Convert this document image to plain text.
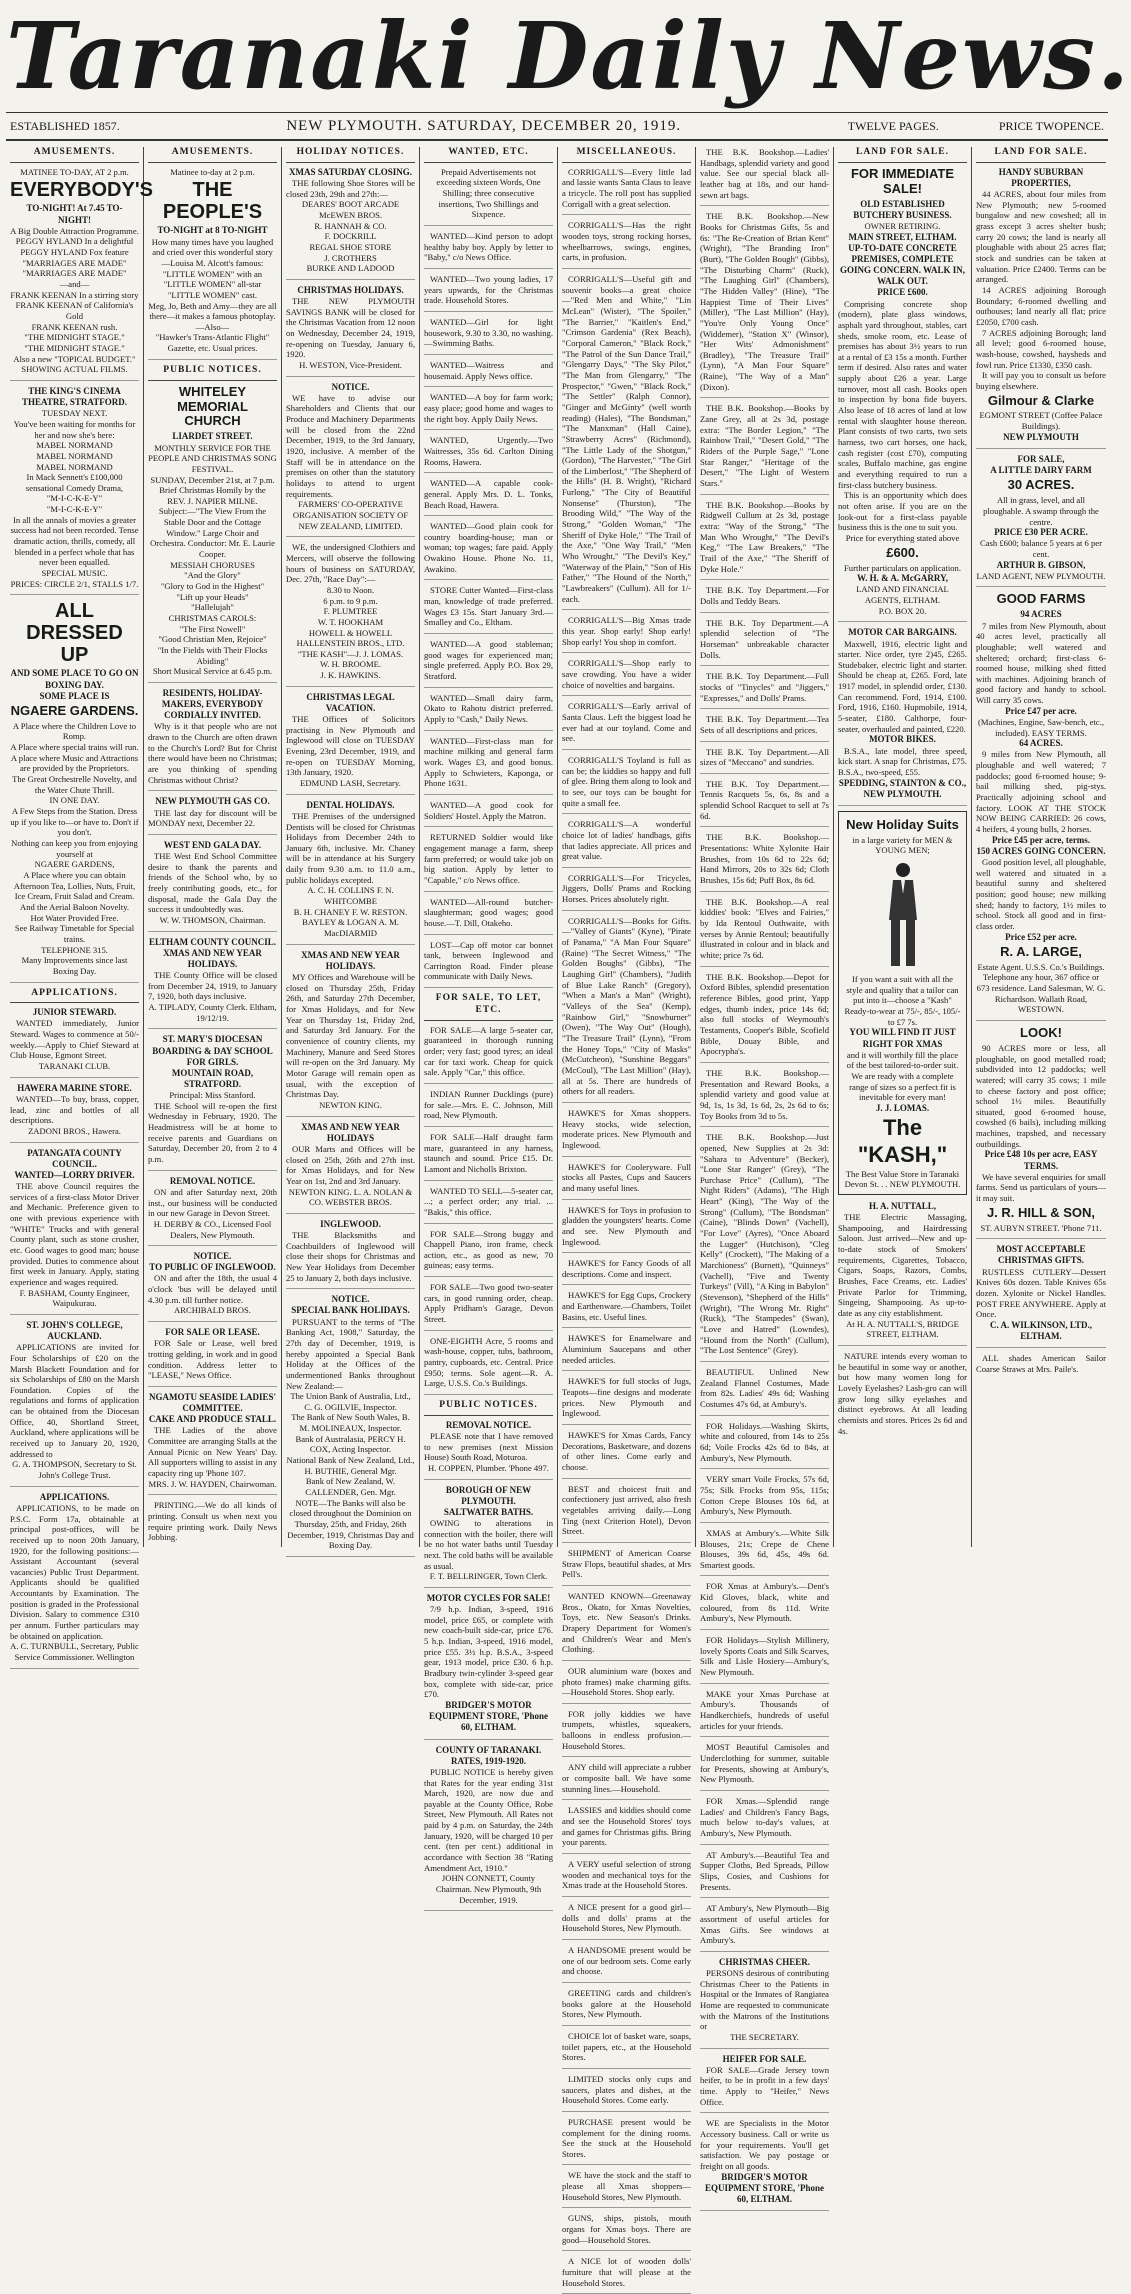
Taranaki Daily News.
ESTABLISHED 1857.	NEW PLYMOUTH. SATURDAY, DECEMBER 20, 1919.	TWELVE PAGES.	PRICE TWOPENCE.
AMUSEMENTS.
MATINEE TO-DAY, AT 2 p.m.
EVERYBODY'S
TO-NIGHT! At 7.45 TO-NIGHT!
A Big Double Attraction Programme.
PEGGY HYLAND In a delightful
PEGGY HYLAND Fox feature
"MARRIAGES ARE MADE"
"MARRIAGES ARE MADE"
—and—
FRANK KEENAN In a stirring story
FRANK KEENAN of California's Gold
FRANK KEENAN rush.
"THE MIDNIGHT STAGE."
"THE MIDNIGHT STAGE."
Also a new "TOPICAL BUDGET."
SHOWING ACTUAL FILMS.
THE KING'S CINEMA THEATRE, STRATFORD.
TUESDAY NEXT.
You've been waiting for months for her and now she's here:
MABEL NORMAND
MABEL NORMAND
MABEL NORMAND
In Mack Sennett's £100,000 sensational Comedy Drama,
"M-I-C-K-E-Y"
"M-I-C-K-E-Y"
In all the annals of movies a greater success had not been recorded. Tense dramatic action, thrills, comedy, all blended in a perfect whole that has never been equalled.
SPECIAL MUSIC.
PRICES: CIRCLE 2/1, STALLS 1/7.
ALL DRESSED UP
AND SOME PLACE TO GO ON BOXING DAY.
SOME PLACE IS
NGAERE GARDENS.
A Place where the Children Love to Romp.
A Place where special trains will run.
A place where Music and Attractions are provided by the Proprietors.
The Great Orchestrelle Novelty, and the Water Chute Thrill.
IN ONE DAY.
A Few Steps from the Station. Dress up if you like to—or have to. Don't if you don't.
Nothing can keep you from enjoying yourself at
NGAERE GARDENS,
A Place where you can obtain Afternoon Tea, Lollies, Nuts, Fruit, Ice Cream, Fruit Salad and Cream.
And the Aerial Baloon Novelty.
Hot Water Provided Free.
See Railway Timetable for Special trains.
TELEPHONE 315.
Many Improvements since last Boxing Day.
APPLICATIONS.
JUNIOR STEWARD.
WANTED immediately, Junior Steward. Wages to commence at 50/- weekly.—Apply to Chief Steward at Club House, Egmont Street.
TARANAKI CLUB.
HAWERA MARINE STORE.
WANTED—To buy, brass, copper, lead, zinc and bottles of all descriptions.
ZADONI BROS., Hawera.
PATANGATA COUNTY COUNCIL.
WANTED—LORRY DRIVER.
THE above Council requires the services of a first-class Motor Driver and Mechanic. Preference given to one with previous experience with "WHITE" Trucks and with general County plant, such as stone crusher, etc. Good wages to good man; house provided. Duties to commence about first week in January. Apply, stating experience and wages required.
F. BASHAM, County Engineer, Waipukurau.
ST. JOHN'S COLLEGE, AUCKLAND.
APPLICATIONS are invited for Four Scholarships of £20 on the Marsh Blackett Foundation and for six Scholarships of £80 on the Marsh Foundation. Copies of the regulations and forms of application can be obtained from the Diocesan Office, 40, Shortland Street, Auckland, where applications will be received up to January 20, 1920, addressed to
G. A. THOMPSON, Secretary to St. John's College Trust.
APPLICATIONS.
APPLICATIONS, to be made on P.S.C. Form 17a, obtainable at principal post-offices, will be received up to noon 20th January, 1920, for the following positions:— Assistant Accountant (several vacancies) Public Trust Department. Applicants should be qualified Accountants by Examination. The position is graded in the Professional Division. Salary to commence £310 per annum. Further particulars may be obtained on application.
A. C. TURNBULL, Secretary, Public Service Commissioner. Wellington
AMUSEMENTS.
Matinee to-day at 2 p.m.
THE PEOPLE'S
TO-NIGHT at 8 TO-NIGHT
How many times have you laughed and cried over this wonderful story—Louisa M. Alcott's famous:
"LITTLE WOMEN" with an
"LITTLE WOMEN" all-star
"LITTLE WOMEN" cast.
Meg, Jo, Beth and Amy—they are all there—it makes a famous photoplay.
—Also—
"Hawker's Trans-Atlantic Flight" Gazette, etc. Usual prices.
PUBLIC NOTICES.
WHITELEY MEMORIAL CHURCH
LIARDET STREET.
MONTHLY SERVICE FOR THE PEOPLE AND CHRISTMAS SONG FESTIVAL.
SUNDAY, December 21st, at 7 p.m.
Brief Christmas Homily by the
REV. J. NAPIER MILNE.
Subject:—"The View From the Stable Door and the Cottage Window." Large Choir and Orchestra. Conductor: Mr. E. Laurie Cooper.
MESSIAH CHORUSES
"And the Glory"
"Glory to God in the Highest"
"Lift up your Heads"
"Hallelujah"
CHRISTMAS CAROLS:
"The First Nowell"
"Good Christian Men, Rejoice"
"In the Fields with Their Flocks Abiding"
Short Musical Service at 6.45 p.m.
RESIDENTS, HOLIDAY-MAKERS, EVERYBODY CORDIALLY INVITED.
Why is it that people who are not drawn to the Church are often drawn to the Church's Lord? But for Christ there would have been no Christmas; are you thinking of spending Christmas without Christ?
NEW PLYMOUTH GAS CO.
THE last day for discount will be MONDAY next, December 22.
WEST END GALA DAY.
THE West End School Committee desire to thank the parents and friends of the School who, by so freely contributing goods, etc., for disposal, made the Gala Day the success it undoubtedly was.
W. W. THOMSON, Chairman.
ELTHAM COUNTY COUNCIL.
XMAS AND NEW YEAR HOLIDAYS.
THE County Office will be closed from December 24, 1919, to January 7, 1920, both days inclusive.
A. TIPLADY, County Clerk. Eltham, 19/12/19.
ST. MARY'S DIOCESAN BOARDING & DAY SCHOOL FOR GIRLS.
MOUNTAIN ROAD, STRATFORD.
Principal: Miss Stanford.
THE School will re-open the first Wednesday in February, 1920. The Headmistress will be at home to receive parents and Guardians on Saturday, December 20, from 2 to 4 p.m.
REMOVAL NOTICE.
ON and after Saturday next, 20th inst., our business will be conducted in our new Garage in Devon Street.
H. DERBY & CO., Licensed Fool Dealers, New Plymouth.
NOTICE.
TO PUBLIC OF INGLEWOOD.
ON and after the 18th, the usual 4 o'clock 'bus will be delayed until 4.30 p.m. till further notice.
ARCHIBALD BROS.
FOR SALE OR LEASE.
FOR Sale or Lease, well bred trotting gelding, in work and in good condition. Address letter to "LEASE," News Office.
NGAMOTU SEASIDE LADIES' COMMITTEE.
CAKE AND PRODUCE STALL.
THE Ladies of the above Committee are arranging Stalls at the Annual Picnic on New Years' Day. All supporters willing to assist in any capacity ring up 'Phone 107.
MRS. J. W. HAYDEN, Chairwoman.
PRINTING.—We do all kinds of printing. Consult us when next you require printing work. Daily News Jobbing.
HOLIDAY NOTICES.
XMAS SATURDAY CLOSING.
THE following Shoe Stores will be closed 23th, 29th and 27th:—
DEARES' BOOT ARCADE
McEWEN BROS.
R. HANNAH & CO.
F. DOCKRILL
REGAL SHOE STORE
J. CROTHERS
BURKE AND LADOOD
CHRISTMAS HOLIDAYS.
THE NEW PLYMOUTH SAVINGS BANK will be closed for the Christmas Vacation from 12 noon on Wednesday, December 24, 1919, re-opening on Tuesday, January 6, 1920.
H. WESTON, Vice-President.
NOTICE.
WE have to advise our Shareholders and Clients that our Produce and Machinery Departments will be closed from the 22nd December, 1919, to the 3rd January, 1920, inclusive. A member of the Staff will be in attendance on the premises on other than the statutory holidays to attend to urgent requirements.
FARMERS' CO-OPERATIVE ORGANISATION SOCIETY OF NEW ZEALAND, LIMITED.
WE, the undersigned Clothiers and Mercers, will observe the following hours of business on SATURDAY, Dec. 27th, "Race Day":—
8.30 to Noon.
6 p.m. to 9 p.m.
F. PLUMTREE
W. T. HOOKHAM
HOWELL & HOWELL
HALLENSTEIN BROS., LTD.
"THE KASH"—J. J. LOMAS.
W. H. BROOME.
J. K. HAWKINS.
CHRISTMAS LEGAL VACATION.
THE Offices of Solicitors practising in New Plymouth and Inglewood will close on TUESDAY Evening, 23rd December, 1919, and re-open on TUESDAY Morning, 13th January, 1920.
EDMUND LASH, Secretary.
DENTAL HOLIDAYS.
THE Premises of the undersigned Dentists will be closed for Christmas Holidays from December 24th to January 6th, inclusive. Mr. Chaney will be in attendance at his Surgery daily from 9.30 a.m. to 11.0 a.m., public holidays excepted.
A. C. H. COLLINS F. N. WHITCOMBE
B. H. CHANEY F. W. RESTON.
BAYLEY & LOGAN A. M. MacDIARMID
XMAS AND NEW YEAR HOLIDAYS.
MY Offices and Warehouse will be closed on Thursday 25th, Friday 26th, and Saturday 27th December, for Xmas Holidays, and for New Year on Thursday 1st, Friday 2nd, and Saturday 3rd January. For the convenience of country clients, my Machinery, Manure and Seed Stores will re-open on the 3rd January. My Motor Garage will remain open as usual, with the exception of Christmas Day.
NEWTON KING.
XMAS AND NEW YEAR HOLIDAYS
OUR Marts and Offices will be closed on 25th, 26th and 27th inst. for Xmas Holidays, and for New Year on 1st, 2nd and 3rd January.
NEWTON KING. L. A. NOLAN & CO. WEBSTER BROS.
INGLEWOOD.
THE Blacksmiths and Coachbuilders of Inglewood will close their shops for Christmas and New Year Holidays from December 25 to January 2, both days inclusive.
NOTICE.
SPECIAL BANK HOLIDAYS.
PURSUANT to the terms of "The Banking Act, 1908," Saturday, the 27th day of December, 1919, is hereby appointed a Special Bank Holiday at the Offices of the undermentioned Banks throughout New Zealand:—
The Union Bank of Australia, Ltd., C. G. OGILVIE, Inspector.
The Bank of New South Wales, B. M. MOLINEAUX, Inspector.
Bank of Australasia, PERCY H. COX, Acting Inspector.
National Bank of New Zealand, Ltd., H. BUTHIE, General Mgr.
Bank of New Zealand, W. CALLENDER, Gen. Mgr.
NOTE—The Banks will also be closed throughout the Dominion on Thursday, 25th, and Friday, 26th December, 1919, Christmas Day and Boxing Day.
WANTED, ETC.
Prepaid Advertisements not exceeding sixteen Words, One Shilling; three consecutive insertions, Two Shillings and Sixpence.
WANTED—Kind person to adopt healthy baby boy. Apply by letter to "Baby," c/o News Office.
WANTED—Two young ladies, 17 years upwards, for the Christmas trade. Household Stores.
WANTED—Girl for light housework, 9.30 to 3.30, no washing.—Swimming Baths.
WANTED—Waitress and housemaid. Apply News office.
WANTED—A boy for farm work; easy place; good home and wages to the right boy. Apply Daily News.
WANTED, Urgently.—Two Waitresses, 35s 6d. Carlton Dining Rooms, Hawera.
WANTED—A capable cook-general. Apply Mrs. D. L. Tonks, Beach Road, Hawera.
WANTED—Good plain cook for country boarding-house; man or woman; top wages; fare paid. Apply Owakino House. Phone No. 11, Awakino.
STORE Cutter Wanted—First-class man, knowledge of trade preferred. Wages £3 15s. Start January 3rd.—Smalley and Co., Eltham.
WANTED—A good stableman; good wages for experienced man; single preferred. Apply P.O. Box 29, Stratford.
WANTED—Small dairy farm, Okato to Rahotu district preferred. Apply to "Cash," Daily News.
WANTED—First-class man for machine milking and general farm work. Wages £3, and good bonus. Apply to Schwieters, Kaponga, or Phone 1631.
WANTED—A good cook for Soldiers' Hostel. Apply the Matron.
RETURNED Soldier would like engagement manage a farm, sheep farm preferred; or would take job on big station. Apply by letter to "Capable," c/o News office.
WANTED—All-round butcher-slaughterman; good wages; good house.—T. Dill, Otakeho.
LOST—Cap off motor car bonnet tank, between Inglewood and Carrington Road. Finder please communicate with Daily News.
FOR SALE, TO LET, ETC.
FOR SALE—A large 5-seater car, guaranteed in thorough running order; very fast; good tyres; an ideal car for taxi work. Cheap for quick sale. Apply "Car," this office.
INDIAN Runner Ducklings (pure) for sale.—Mrs. E. C. Johnson, Mill road, New Plymouth.
FOR SALE—Half draught farm mare, guaranteed in any harness, staunch and sound. Price £15. Dr. Lamont and Nicholls Brixton.
WANTED TO SELL—5-seater car, ...; a perfect order; any trial. ... "Bakis," this office.
FOR SALE—Strong buggy and Chappell Piano, iron frame, check action, etc., as good as new, 70 guineas; easy terms.
FOR SALE—Two good two-seater cars, in good running order, cheap. Apply Pridham's Garage, Devon Street.
ONE-EIGHTH Acre, 5 rooms and wash-house, copper, tubs, bathroom, pantry, cupboards, etc. Central. Price £950; terms. Sole agent—R. A. Large, U.S.S. Co.'s Buildings.
PUBLIC NOTICES.
REMOVAL NOTICE.
PLEASE note that I have removed to new premises (next Mission House) South Road, Moturoa.
H. COPPEN, Plumber. 'Phone 497.
BOROUGH OF NEW PLYMOUTH.
SALTWATER BATHS.
OWING to alterations in connection with the boiler, there will be no hot water baths until Tuesday next. The cold baths will be available as usual.
F. T. BELLRINGER, Town Clerk.
MOTOR CYCLES FOR SALE!
7/9 h.p. Indian, 3-speed, 1916 model, price £65, or complete with new coach-built side-car, price £76. 5 h.p. Indian, 3-speed, 1916 model, price £55. 3½ h.p. B.S.A., 3-speed gear, 1913 model, price £30. 6 h.p. Bradbury twin-cylinder 3-speed gear box, complete with side-car, price £70.
BRIDGER'S MOTOR EQUIPMENT STORE, 'Phone 60, ELTHAM.
COUNTY OF TARANAKI.
RATES, 1919-1920.
PUBLIC NOTICE is hereby given that Rates for the year ending 31st March, 1920, are now due and payable at the County Office, Robe Street, New Plymouth. All Rates not paid by 4 p.m. on Saturday, the 24th January, 1920, will be charged 10 per cent. (ten per cent.) additional in accordance with Section 38 "Rating Amendment Act, 1910."
JOHN CONNETT, County Chairman. New Plymouth, 9th December, 1919.
MISCELLANEOUS.
CORRIGALL'S—Every little lad and lassie wants Santa Claus to leave a tricycle. The roll post has supplied Corrigall with a great selection.
CORRIGALL'S—Has the right wooden toys, strong rocking horses, wheelbarrows, swings, engines, carts, in profusion.
CORRIGALL'S—Useful gift and souvenir books—a great choice—"Red Men and White," "Lin McLean" (Wister), "The Spoiler," "The Barrier," "Kaitlen's End," "Crimson Gardenia" (Rex Beach), "Corporal Cameron," "Black Rock," "The Patrol of the Sun Dance Trail," "Glengarry Days," "The Sky Pilot," "The Man from Glengarry," "The Prospector," "Gwen," "Black Rock," "The Settler" (Ralph Connor), "Ginger and McGinty" (well worth reading) (Hales), "The Bondsman," "The Manxman" (Hall Caine), "Strawberry Acres" (Richmond), "The Little Lady of the Shotgun," (Gordon), "The Harvester," "The Girl of the Limberlost," "The Shepherd of the Hills" (H. B. Wright), "Richard Furlong," "The City of Beautiful Nonsense" (Thurston), "The Brooding Wild," "The Way of the Strong," "Golden Woman," "The Sheriff of Dyke Hole," "The Trail of the Axe," "One Way Trail," "Men Who Wrought," "The Devil's Key," "Waterway of the Plain," "Son of His Father," "The Hound of the North," "Lawbreakers" (Cullum). All for 1/- each.
CORRIGALL'S—Big Xmas trade this year. Shop early! Shop early! Shop early! You shop in comfort.
CORRIGALL'S—Shop early to save crowding. You have a wider choice of novelties and bargains.
CORRIGALL'S—Early arrival of Santa Claus. Left the biggest load he ever had at our toyland. Come and see.
CORRIGALL'S Toyland is full as can be; the kiddies so happy and full of glee. Bring them along to look and to see, our toys can be bought for quite a small fee.
CORRIGALL'S—A wonderful choice lot of ladies' handbags, gifts that ladies appreciate. All prices and great value.
CORRIGALL'S—For Tricycles, Jiggers, Dolls' Prams and Rocking Horses. Prices absolutely right.
CORRIGALL'S—Books for Gifts.—"Valley of Giants" (Kyne), "Pirate of Panama," "A Man Four Square" (Raine) "The Secret Witness," "The Golden Boughs" (Gibbs), "The Laughing Girl" (Chambers), "Judith of Blue Lake Ranch" (Gregory), "When a Man's a Man" (Wright), "Valleys of the Sea" (Kemp), "Rainbow Girl," "Snowburner" (Owen), "The Way Out" (Hough), "The Treasure Trail" (Lynn), "From the Honey Tops," "City of Masks" (McCutcheon), "Sunshine Beggars" (McCoul), "The Last Million" (Hay), all at 5s. There are hundreds of others for all readers.
HAWKE'S for Xmas shoppers. Heavy stocks, wide selection, moderate prices. New Plymouth and Inglewood.
HAWKE'S for Cooleryware. Full stocks all Pastes, Cups and Saucers and many useful lines.
HAWKE'S for Toys in profusion to gladden the youngsters' hearts. Come and see. New Plymouth and Inglewood.
HAWKE'S for Fancy Goods of all descriptions. Come and inspect.
HAWKE'S for Egg Cups, Crockery and Earthenware.—Chambers, Toilet Basins, etc. Useful lines.
HAWKE'S for Enamelware and Aluminium Saucepans and other needed articles.
HAWKE'S for full stocks of Jugs, Teapots—fine designs and moderate prices. New Plymouth and Inglewood.
HAWKE'S for Xmas Cards, Fancy Decorations, Basketware, and dozens of other lines. Come early and choose.
BEST and choicest fruit and confectionery just arrived, also fresh vegetables arriving daily.—Long Ting (next Criterion Hotel), Devon Street.
SHIPMENT of American Coarse Straw Flops, beautiful shades, at Mrs Pell's.
WANTED KNOWN—Greenaway Bros., Okato, for Xmas Novelties, Toys, etc. New Season's Drinks. Drapery Department for Women's and Children's Wear and Men's Clothing.
OUR aluminium ware (boxes and photo frames) make charming gifts.—Household Stores. Shop early.
FOR jolly kiddies we have trumpets, whistles, squeakers, balloons in endless profusion.—Household Stores.
ANY child will appreciate a rubber or composite ball. We have some stunning lines.—Household.
LASSIES and kiddies should come and see the Household Stores' toys and games for Christmas gifts. Bring your parents.
A VERY useful selection of strong wooden and mechanical toys for the Xmas trade at the Household Stores.
A NICE present for a good girl—dolls and dolls' prams at the Household Stores, New Plymouth.
A HANDSOME present would be one of our bedroom sets. Come early and choose.
GREETING cards and children's books galore at the Household Stores, New Plymouth.
CHOICE lot of basket ware, soaps, toilet papers, etc., at the Household Stores.
LIMITED stocks only cups and saucers, plates and dishes, at the Household Stores. Come early.
PURCHASE present would be complement for the dining rooms. See the stock at the Household Stores.
WE have the stock and the staff to please all Xmas shoppers—Household Stores, New Plymouth.
GUNS, ships, pistols, mouth organs for Xmas boys. There are good—Household Stores.
A NICE lot of wooden dolls' furniture that will please at the Household Stores.
THE B.K. Bookshop.—Ladies' Handbags, splendid variety and good value. See our special black all-leather bag at 18s, and our hand-sewn art bags.
THE B.K. Bookshop.—New Books for Christmas Gifts, 5s and 6s: "The Re-Creation of Brian Kent" (Wright), "The Branding Iron" (Burt), "The Golden Bough" (Gibbs), "The Disturbing Charm" (Ruck), "The Laughing Girl" (Chambers), "The Hidden Valley" (Hine), "The Happiest Time of Their Lives" (Miller), "The Last Million" (Hay), "You're Only Young Once" (Widdemer), "Station X" (Winsor), "Her Wits' Admonishment" (Bradley), "The Treasure Trail" (Lynn), "A Man Four Square" (Raine), "The Way of a Man" (Dixon).
THE B.K. Bookshop.—Books by Zane Grey, all at 2s 3d, postage extra: "The Border Legion," "The Rainbow Trail," "Desert Gold," "The Riders of the Purple Sage," "Lone Star Ranger," "Heritage of the Desert," "The Light of Western Stars."
THE B.K. Bookshop.—Books by Ridgwell Cullum at 2s 3d, postage extra: "Way of the Strong," "The Man Who Wrought," "The Devil's Keg," "The Law Breakers," "The Trail of the Axe," "The Sheriff of Dyke Hole."
THE B.K. Toy Department.—For Dolls and Teddy Bears.
THE B.K. Toy Department.—A splendid selection of "The Horseman" unbreakable character Dolls.
THE B.K. Toy Department.—Full stocks of "Tinycles" and "Jiggers," "Expresses," and Dolls' Prams.
THE B.K. Toy Department.—Tea Sets of all descriptions and prices.
THE B.K. Toy Department.—All sizes of "Meccano" and sundries.
THE B.K. Toy Department.—Tennis Racquets 5s, 6s, 8s and a splendid School Racquet to sell at 7s 6d.
THE B.K. Bookshop.—Presentations: White Xylonite Hair Brushes, from 10s 6d to 22s 6d; Hand Mirrors, 20s to 32s 6d; Cloth Brushes, 15s 6d; Puff Box, 8s 6d.
THE B.K. Bookshop.—A real kiddies' book: "Elves and Fairies," by Ida Rentoul Outhwaite, with verses by Annie Rentoul; beautifully illustrated in colour and in black and white; price 7s 6d.
THE B.K. Bookshop.—Depot for Oxford Bibles, splendid presentation reference Bibles, good print, Yapp edges, thumb index, price 14s 6d; also full stocks of Weymouth's Testaments, Cooper's Bible, Scofield Bible, Douay Bible, and Apocrypha's.
THE B.K. Bookshop.—Presentation and Reward Books, a splendid variety and good value at 9d, 1s, 1s 3d, 1s 6d, 2s, 2s 6d to 6s; Toy Books from 3d to 5s.
THE B.K. Bookshop.—Just opened, New Supplies at 2s 3d: "Sahara to Adventure" (Becker), "Lone Star Ranger" (Grey), "The Purchase Price" (Cullum), "The Night Riders" (Adams), "The High Heart" (King), "The Way of the Strong" (Cullum), "The Bondsman" (Caine), "Blinds Down" (Vachell), "For Love" (Ayres), "Once Aboard the Lugger" (Hutchison), "Cleg Kelly" (Crockett), "The Making of a Marchioness" (Burnett), "Quinneys" (Vachell), "Five and Twenty Turkeys" (Vill), "A King in Babylon" (Stevenson), "Shepherd of the Hills" (Wright), "The Wrong Mr. Right" (Ruck), "The Stampedes" (Swan), "Love and Hatred" (Lowndes), "Hound from the North" (Cullum), "The Lost Sentence" (Grey).
BEAUTIFUL Unlined New Zealand Flannel Costumes, Made from 82s. Ladies' 49s 6d; Washing Costumes 47s 6d, at Ambury's.
FOR Holidays.—Washing Skirts, white and coloured, from 14s to 25s 6d; Voile Frocks 42s 6d to 84s, at Ambury's, New Plymouth.
VERY smart Voile Frocks, 57s 6d, 75s; Silk Frocks from 95s, 115s; Cotton Crepe Blouses 10s 6d, at Ambury's, New Plymouth.
XMAS at Ambury's.—White Silk Blouses, 21s; Crepe de Chene Blouses, 39s 6d, 45s, 49s 6d. Smartest goods.
FOR Xmas at Ambury's.—Dent's Kid Gloves, black, white and coloured, from 8s 11d. Write Ambury's, New Plymouth.
FOR Holidays—Stylish Millinery, lovely Sports Coats and Silk Scarves, Silk and Lisle Hosiery—Ambury's, New Plymouth.
MAKE your Xmas Purchase at Ambury's. Thousands of Handkerchiefs, hundreds of useful articles for your friends.
MOST Beautiful Camisoles and Underclothing for summer, suitable for Presents, showing at Ambury's, New Plymouth.
FOR Xmas.—Splendid range Ladies' and Children's Fancy Bags, much below to-day's values, at Ambury's, New Plymouth.
AT Ambury's.—Beautiful Tea and Supper Cloths, Bed Spreads, Pillow Slips, Cosies, and Cushions for Presents.
AT Ambury's, New Plymouth—Big assortment of useful articles for Xmas Gifts. See windows at Ambury's.
CHRISTMAS CHEER.
PERSONS desirous of contributing Christmas Cheer to the Patients in Hospital or the Inmates of Rangiatea Home are requested to communicate with the Matrons of the Institutions or
THE SECRETARY.
HEIFER FOR SALE.
FOR SALE—Grade Jersey town heifer, to be in profit in a few days' time. Apply to "Heifer," News Office.
WE are Specialists in the Motor Accessory business. Call or write us for your requirements. You'll get satisfaction. We pay postage or freight on all goods.
BRIDGER'S MOTOR EQUIPMENT STORE, 'Phone 60, ELTHAM.
LAND FOR SALE.
FOR IMMEDIATE SALE!
OLD ESTABLISHED BUTCHERY BUSINESS.
OWNER RETIRING.
MAIN STREET, ELTHAM.
UP-TO-DATE CONCRETE PREMISES, COMPLETE GOING CONCERN. WALK IN, WALK OUT.
PRICE £600.
Comprising concrete shop (modern), plate glass windows, asphalt yard throughout, stables, cart sheds, smoke room, etc. Lease of premises has about 3½ years to run at a rental of £3 15s a month. Further term if desired. Also rates and water supply about £26 a year. Large turnover, most all cash. Books open to inspection by bona fide buyers. Also lease of 18 acres of land at low rental with slaughter house thereon. Plant consists of two carts, two sets harness, two cart horses, one hack, cash register (cost £70), computing scales, Buffalo machine, gas engine and everything required to run a first-class butchery business.
This is an opportunity which does not often arise. If you are on the look-out for a first-class payable business this is the one to suit you.
Price for everything stated above
£600.
Further particulars on application.
W. H. & A. McGARRY,
LAND AND FINANCIAL AGENTS, ELTHAM.
P.O. BOX 20.
MOTOR CAR BARGAINS.
Maxwell, 1916, electric light and starter. Nice order, tyre 2)45, £265. Studebaker, electric light and starter. Should be cheap at, £265. Ford, late 1917 model, in splendid order, £130. Can recommend. Ford, 1914, £100. Ford, 1916, £160. Hupmobile, 1914, 5-seater, £180. Calthorpe, four-seater, overhauled and painted, £220.
MOTOR BIKES.
B.S.A., late model, three speed, kick start. A snap for Christmas, £75. B.S.A., two-speed, £55.
SPEDDING, STAINTON & CO., NEW PLYMOUTH.
New Holiday Suits
in a large variety for MEN & YOUNG MEN;
If you want a suit with all the style and quality that a tailor can put into it—choose a "Kash" Ready-to-wear at 75/-, 85/-, 105/- to £7 7s.
YOU WILL FIND IT JUST RIGHT FOR XMAS
and it will worthily fill the place of the best tailored-to-order suit. We are ready with a complete range of sizes so a perfect fit is inevitable for every man!
J. J. LOMAS.
The "KASH,"
The Best Value Store in Taranaki
Devon St. . . NEW PLYMOUTH.
H. A. NUTTALL,
THE Electric Massaging, Shampooing, and Hairdressing Saloon. Just arrived—New and up-to-date stock of Smokers' requirements, Cigarettes, Tobacco, Cigars, Soaps, Razors, Combs, Brushes, Face Creams, etc. Ladies' Private Parlor for Trimming, Singeing, Shampooing. As up-to-date as any city establishment.
At H. A. NUTTALL'S, BRIDGE STREET, ELTHAM.
NATURE intends every woman to be beautiful in some way or another, but how many women long for Lovely Eyelashes? Lash-gro can will grow long silky eyelashes and distinct eyebrows. At all leading chemists and stores. Prices 2s 6d and 4s.
LAND FOR SALE.
HANDY SUBURBAN PROPERTIES,
44 ACRES, about four miles from New Plymouth; new 5-roomed bungalow and new cowshed; all in grass except 3 acres shelter bush; carry 20 cows; the land is nearly all ploughable with about 25 acres flat; stock and sundries can be taken at valuation. Price £2400. Terms can be arranged.
14 ACRES adjoining Borough Boundary; 6-roomed dwelling and outhouses; land nearly all flat; price £2050, £700 cash.
7 ACRES adjoining Borough; land all level; good 6-roomed house, wash-house, cowshed, haysheds and fowl run. Price £1330, £350 cash.
It will pay you to consult us before buying elsewhere.
Gilmour & Clarke
EGMONT STREET (Coffee Palace Buildings).
NEW PLYMOUTH
FOR SALE,
A LITTLE DAIRY FARM
30 ACRES.
All in grass, level, and all ploughable. A swamp through the centre.
PRICE £30 PER ACRE.
Cash £600; balance 5 years at 6 per cent.
ARTHUR B. GIBSON,
LAND AGENT, NEW PLYMOUTH.
GOOD FARMS
94 ACRES
7 miles from New Plymouth, about 40 acres level, practically all ploughable; well watered and sheltered; orchard; first-class 6-roomed house, milking shed fitted with machines. Adjoining branch of good factory and handy to school. Will carry 35 cows.
Price £47 per acre.
(Machines, Engine, Saw-bench, etc., included). EASY TERMS.
64 ACRES.
9 miles from New Plymouth, all ploughable and well watered; 7 paddocks; good 6-roomed house; 9-bail milking shed, pig-stys. Practically adjoining school and factory. LOOK AT THE STOCK NOW BEING CARRIED: 26 cows, 4 heifers, 4 young bulls, 2 horses.
Price £45 per acre, terms.
150 ACRES GOING CONCERN.
Good position level, all ploughable, well watered and situated in a beautiful sunny and sheltered position; good house; new milking shed; handy to factory, 1½ miles to school. Stock all good and in first-class order.
Price £52 per acre.
R. A. LARGE,
Estate Agent. U.S.S. Co.'s Buildings. Telephone any hour, 367 office or 673 residence. Land Salesman, W. G. Richardson. Wallath Road, WESTOWN.
LOOK!
90 ACRES more or less, all ploughable, on good metalled road; subdivided into 12 paddocks; well watered; will carry 35 cows; 1 mile to cheese factory and post office; school 1½ miles. Beautifully situated, good 6-roomed house, cowshed (6 bails), including milking machines, trapshed, and necessary outbuildings.
Price £48 10s per acre, EASY TERMS.
We have several enquiries for small farms. Send us particulars of yours—it may suit.
J. R. HILL & SON,
ST. AUBYN STREET. 'Phone 711.
MOST ACCEPTABLE CHRISTMAS GIFTS.
RUSTLESS CUTLERY—Dessert Knives 60s dozen. Table Knives 65s dozen. Xylonite or Nickel Handles. POST FREE ANYWHERE. Apply at Once.
C. A. WILKINSON, LTD., ELTHAM.
ALL shades American Sailor Coarse Straws at Mrs. Paile's.
